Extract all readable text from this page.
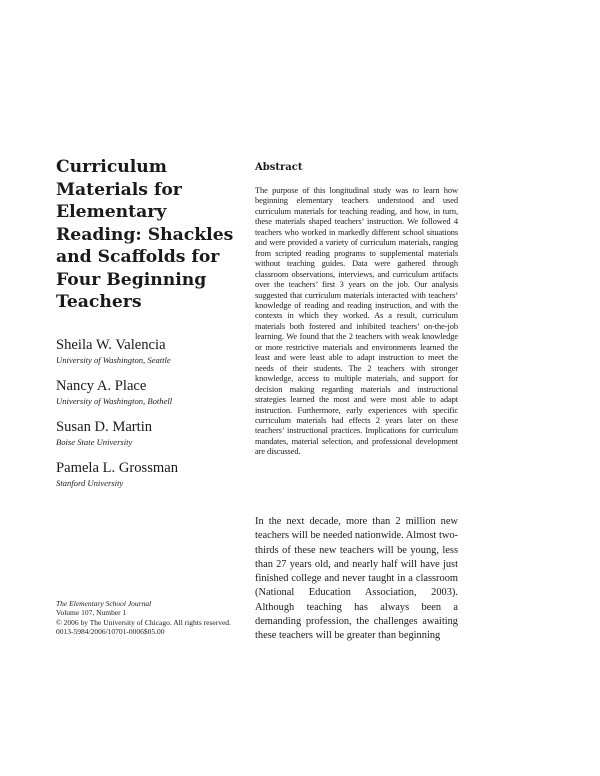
Curriculum Materials for Elementary Reading: Shackles and Scaffolds for Four Beginning Teachers
Sheila W. Valencia
University of Washington, Seattle
Nancy A. Place
University of Washington, Bothell
Susan D. Martin
Boise State University
Pamela L. Grossman
Stanford University
The Elementary School Journal
Volume 107, Number 1
© 2006 by The University of Chicago. All rights reserved.
0013-5984/2006/10701-0006$05.00
Abstract

The purpose of this longitudinal study was to learn how beginning elementary teachers understood and used curriculum materials for teaching reading, and how, in turn, these materials shaped teachers’ instruction. We followed 4 teachers who worked in markedly different school situations and were provided a variety of curriculum materials, ranging from scripted reading programs to supplemental materials without teaching guides. Data were gathered through classroom observations, interviews, and curriculum artifacts over the teachers’ first 3 years on the job. Our analysis suggested that curriculum materials interacted with teachers’ knowledge of reading and reading instruction, and with the contexts in which they worked. As a result, curriculum materials both fostered and inhibited teachers’ on-the-job learning. We found that the 2 teachers with weak knowledge or more restrictive materials and environments learned the least and were least able to adapt instruction to meet the needs of their students. The 2 teachers with stronger knowledge, access to multiple materials, and support for decision making regarding materials and instructional strategies learned the most and were most able to adapt instruction. Furthermore, early experiences with specific curriculum materials had effects 2 years later on these teachers’ instructional practices. Implications for curriculum mandates, material selection, and professional development are discussed.

In the next decade, more than 2 million new teachers will be needed nationwide. Almost two-thirds of these new teachers will be young, less than 27 years old, and nearly half will have just finished college and never taught in a classroom (National Education Association, 2003). Although teaching has always been a demanding profession, the challenges awaiting these teachers will be greater than beginning
